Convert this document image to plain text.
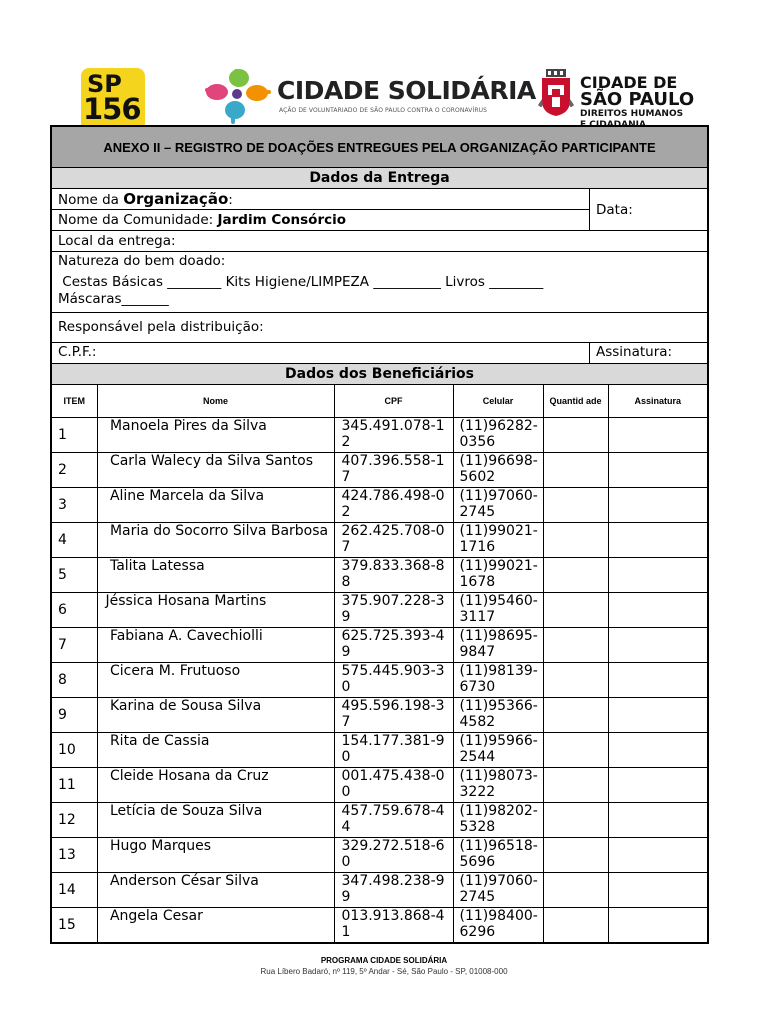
SP
156
CIDADE SOLIDÁRIA
AÇÃO DE VOLUNTARIADO DE SÃO PAULO CONTRA O CORONAVÍRUS
CIDADE DE
SÃO PAULO
DIREITOS HUMANOS
E CIDADANIA
ANEXO II – REGISTRO DE DOAÇÕES ENTREGUES PELA ORGANIZAÇÃO PARTICIPANTE
Dados da Entrega
Nome da Organização:
Nome da Comunidade: Jardim Consórcio
Data:
Local da entrega:
Natureza do bem doado:
Cestas Básicas ________ Kits Higiene/LIMPEZA __________ Livros ________
Máscaras_______
Responsável pela distribuição:
C.P.F.:	Assinatura:
Dados dos Beneficiários
ITEM	Nome	CPF	Celular	Quantid ade	Assinatura
1	Manoela Pires da Silva	345.491.078-12	(11)96282-0356		
2	Carla Walecy da Silva Santos	407.396.558-17	(11)96698-5602		
3	Aline Marcela da Silva	424.786.498-02	(11)97060-2745		
4	Maria do Socorro Silva Barbosa	262.425.708-07	(11)99021-1716		
5	Talita Latessa	379.833.368-88	(11)99021-1678		
6	Jéssica Hosana Martins	375.907.228-39	(11)95460-3117		
7	Fabiana A. Cavechiolli	625.725.393-49	(11)98695-9847		
8	Cicera M. Frutuoso	575.445.903-30	(11)98139-6730		
9	Karina de Sousa Silva	495.596.198-37	(11)95366-4582		
10	Rita de Cassia	154.177.381-90	(11)95966-2544		
11	Cleide Hosana da Cruz	001.475.438-00	(11)98073-3222		
12	Letícia de Souza Silva	457.759.678-44	(11)98202-5328		
13	Hugo Marques	329.272.518-60	(11)96518-5696		
14	Anderson César Silva	347.498.238-99	(11)97060-2745		
15	Angela Cesar	013.913.868-41	(11)98400-6296		
PROGRAMA CIDADE SOLIDÁRIA
Rua Líbero Badaró, nº 119, 5º Andar - Sé, São Paulo - SP, 01008-000
